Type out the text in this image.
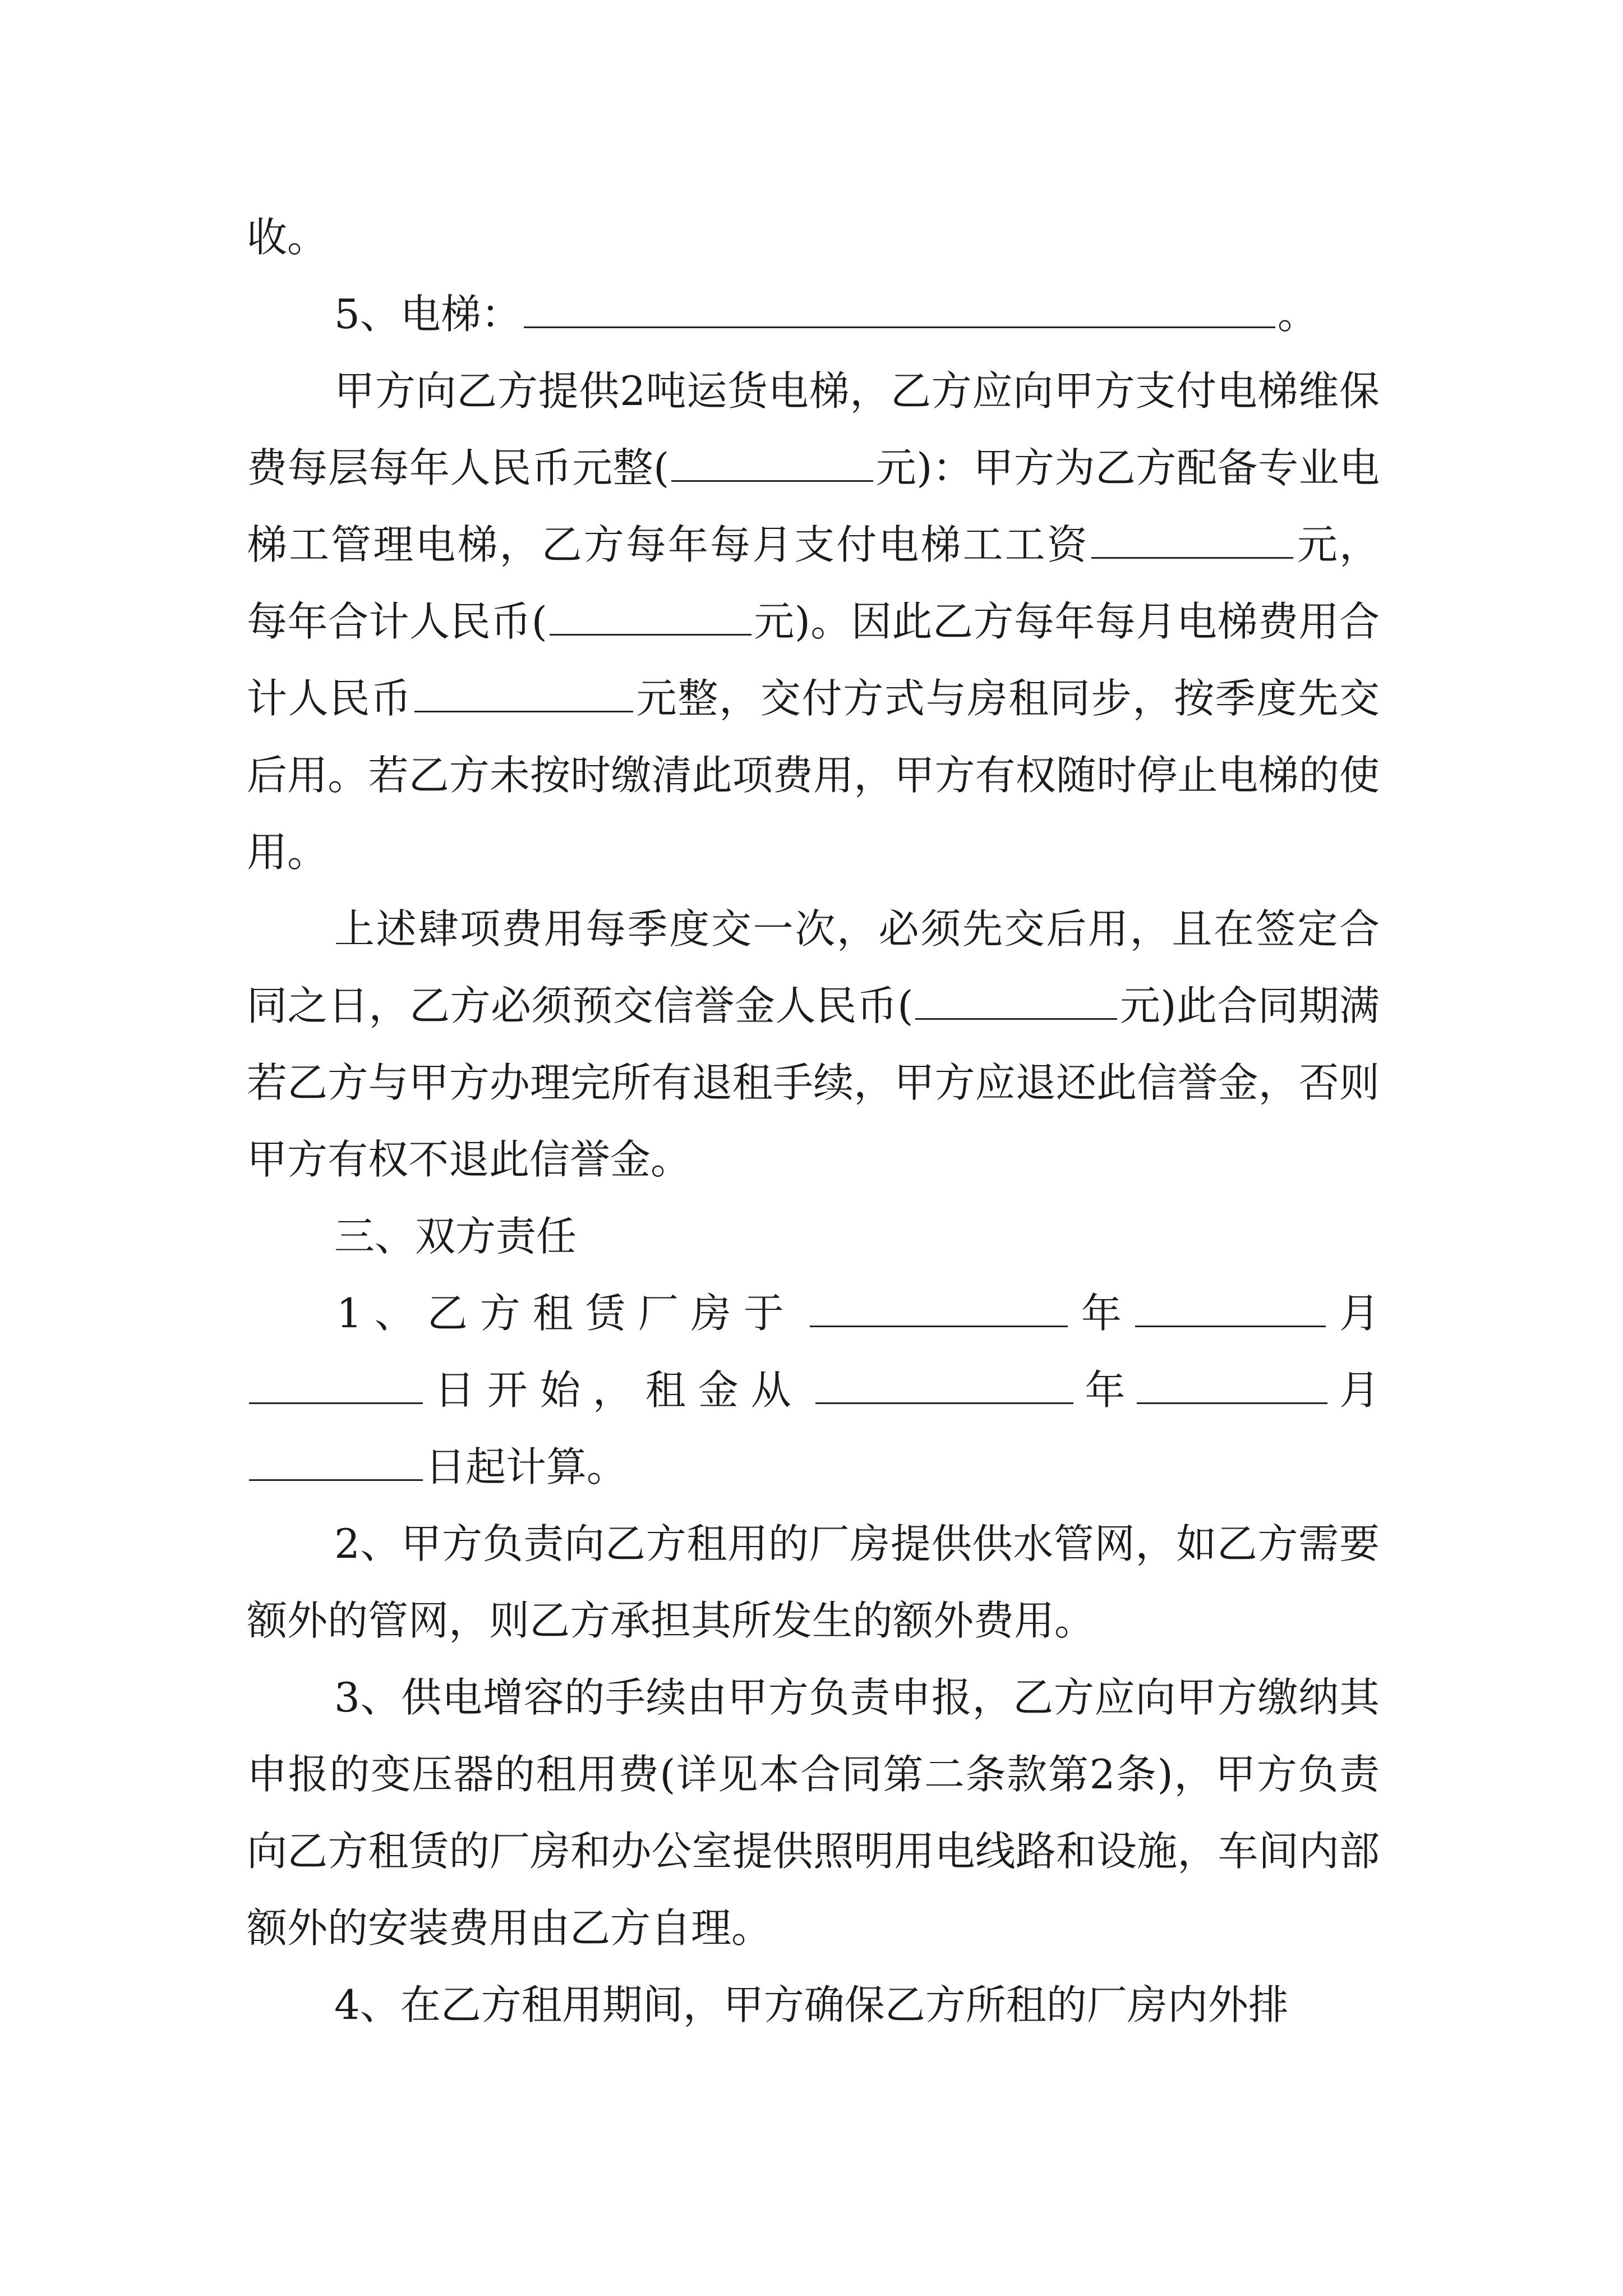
收。

5、电梯：	。

甲方向乙方提供2吨运货电梯，乙方应向甲方支付电梯维保费每层每年人民币元整(	元)：甲方为乙方配备专业电梯工管理电梯，乙方每年每月支付电梯工工资	元，每年合计人民币(	元)。因此乙方每年每月电梯费用合计人民币	元整，交付方式与房租同步，按季度先交后用。若乙方未按时缴清此项费用，甲方有权随时停止电梯的使用。

上述肆项费用每季度交一次，必须先交后用，且在签定合同之日，乙方必须预交信誉金人民币(	元)此合同期满若乙方与甲方办理完所有退租手续，甲方应退还此信誉金，否则甲方有权不退此信誉金。

三、双方责任

1、乙方租赁厂房于	年	月
日开始，租金从	年	月
日起计算。

2、甲方负责向乙方租用的厂房提供供水管网，如乙方需要额外的管网，则乙方承担其所发生的额外费用。

3、供电增容的手续由甲方负责申报，乙方应向甲方缴纳其申报的变压器的租用费(详见本合同第二条款第2条)，甲方负责向乙方租赁的厂房和办公室提供照明用电线路和设施，车间内部额外的安装费用由乙方自理。

4、在乙方租用期间，甲方确保乙方所租的厂房内外排
